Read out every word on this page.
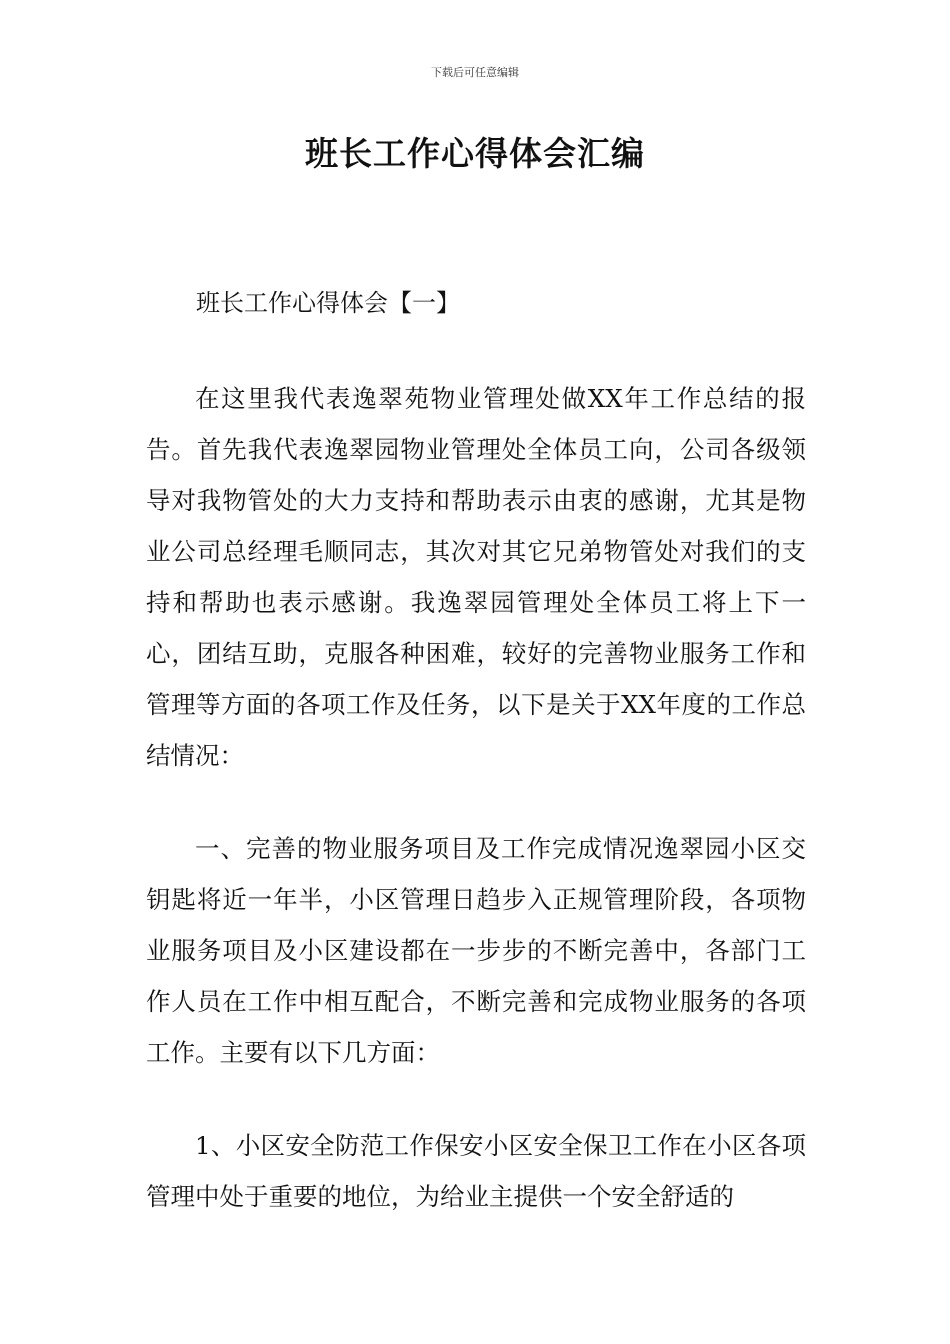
下载后可任意编辑
班长工作心得体会汇编
班长工作心得体会【一】

在这里我代表逸翠苑物业管理处做XX年工作总结的报告。首先我代表逸翠园物业管理处全体员工向，公司各级领导对我物管处的大力支持和帮助表示由衷的感谢，尤其是物业公司总经理毛顺同志，其次对其它兄弟物管处对我们的支持和帮助也表示感谢。我逸翠园管理处全体员工将上下一心，团结互助，克服各种困难，较好的完善物业服务工作和管理等方面的各项工作及任务，以下是关于XX年度的工作总结情况：

一、完善的物业服务项目及工作完成情况逸翠园小区交钥匙将近一年半，小区管理日趋步入正规管理阶段，各项物业服务项目及小区建设都在一步步的不断完善中，各部门工作人员在工作中相互配合，不断完善和完成物业服务的各项工作。主要有以下几方面：

1、小区安全防范工作保安小区安全保卫工作在小区各项管理中处于重要的地位，为给业主提供一个安全舒适的
